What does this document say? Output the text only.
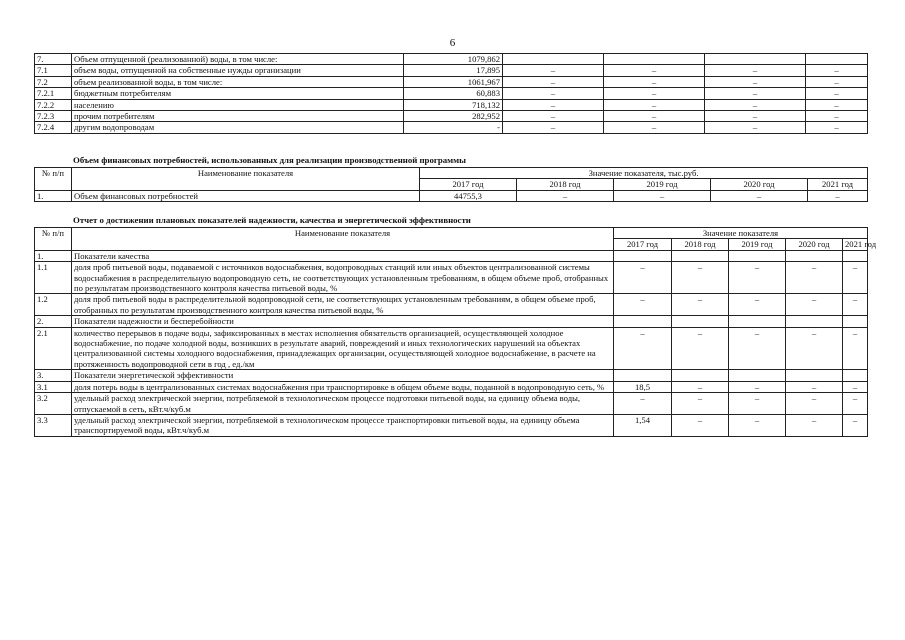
6
7.	Объем отпущенной (реализованной) воды, в том числе:	1079,862				
7.1	объем воды, отпущенной на собственные нужды организации	17,895	–	–	–	–
7.2	объем реализованной воды, в том числе:	1061,967	–	–	–	–
7.2.1	бюджетным потребителям	60,883	–	–	–	–
7.2.2	населению	718,132	–	–	–	–
7.2.3	прочим потребителям	282,952	–	–	–	–
7.2.4	другим водопроводам	-	–	–	–	–
Объем финансовых потребностей, использованных для реализации производственной программы
№ п/п	Наименование показателя	Значение показателя, тыс.руб.				
		2017 год	2018 год	2019 год	2020 год	2021 год
1.	Объем финансовых потребностей	44755,3	–	–	–	–
Отчет о достижении плановых показателей надежности, качества и энергетической эффективности
№ п/п	Наименование показателя	Значение показателя				
		2017 год	2018 год	2019 год	2020 год	2021 год
1.	Показатели качества					
1.1	доля проб питьевой воды, подаваемой с источников водоснабжения, водопроводных станций или иных объектов централизованной системы водоснабжения в распределительную водопроводную сеть, не соответствующих установленным требованиям, в общем объеме проб, отобранных по результатам производственного контроля качества питьевой воды, %	–	–	–	–	–
1.2	доля проб питьевой воды в распределительной водопроводной сети, не соответствующих установленным требованиям, в общем объеме проб, отобранных по результатам производственного контроля качества питьевой воды, %	–	–	–	–	–
2.	Показатели надежности и бесперебойности					
2.1	количество перерывов в подаче воды, зафиксированных в местах исполнения обязательств организацией, осуществляющей холодное водоснабжение, по подаче холодной воды, возникших в результате аварий, повреждений и иных технологических нарушений на объектах централизованной системы холодного водоснабжения, принадлежащих организации, осуществляющей холодное водоснабжение, в расчете на протяженность водопроводной сети в год , ед./км	–	–	–	–	–
3.	Показатели энергетической эффективности					
3.1	доля потерь воды в централизованных системах водоснабжения при транспортировке в общем объеме воды, поданной в водопроводную сеть, %	18,5	–	–	–	–
3.2	удельный расход электрической энергии, потребляемой в технологическом процессе подготовки питьевой воды, на единицу объема воды, отпускаемой в сеть, кВт.ч/куб.м	–	–	–	–	–
3.3	удельный расход электрической энергии, потребляемой в технологическом процессе транспортировки питьевой воды, на единицу объема транспортируемой воды, кВт.ч/куб.м	1,54	–	–	–	–
